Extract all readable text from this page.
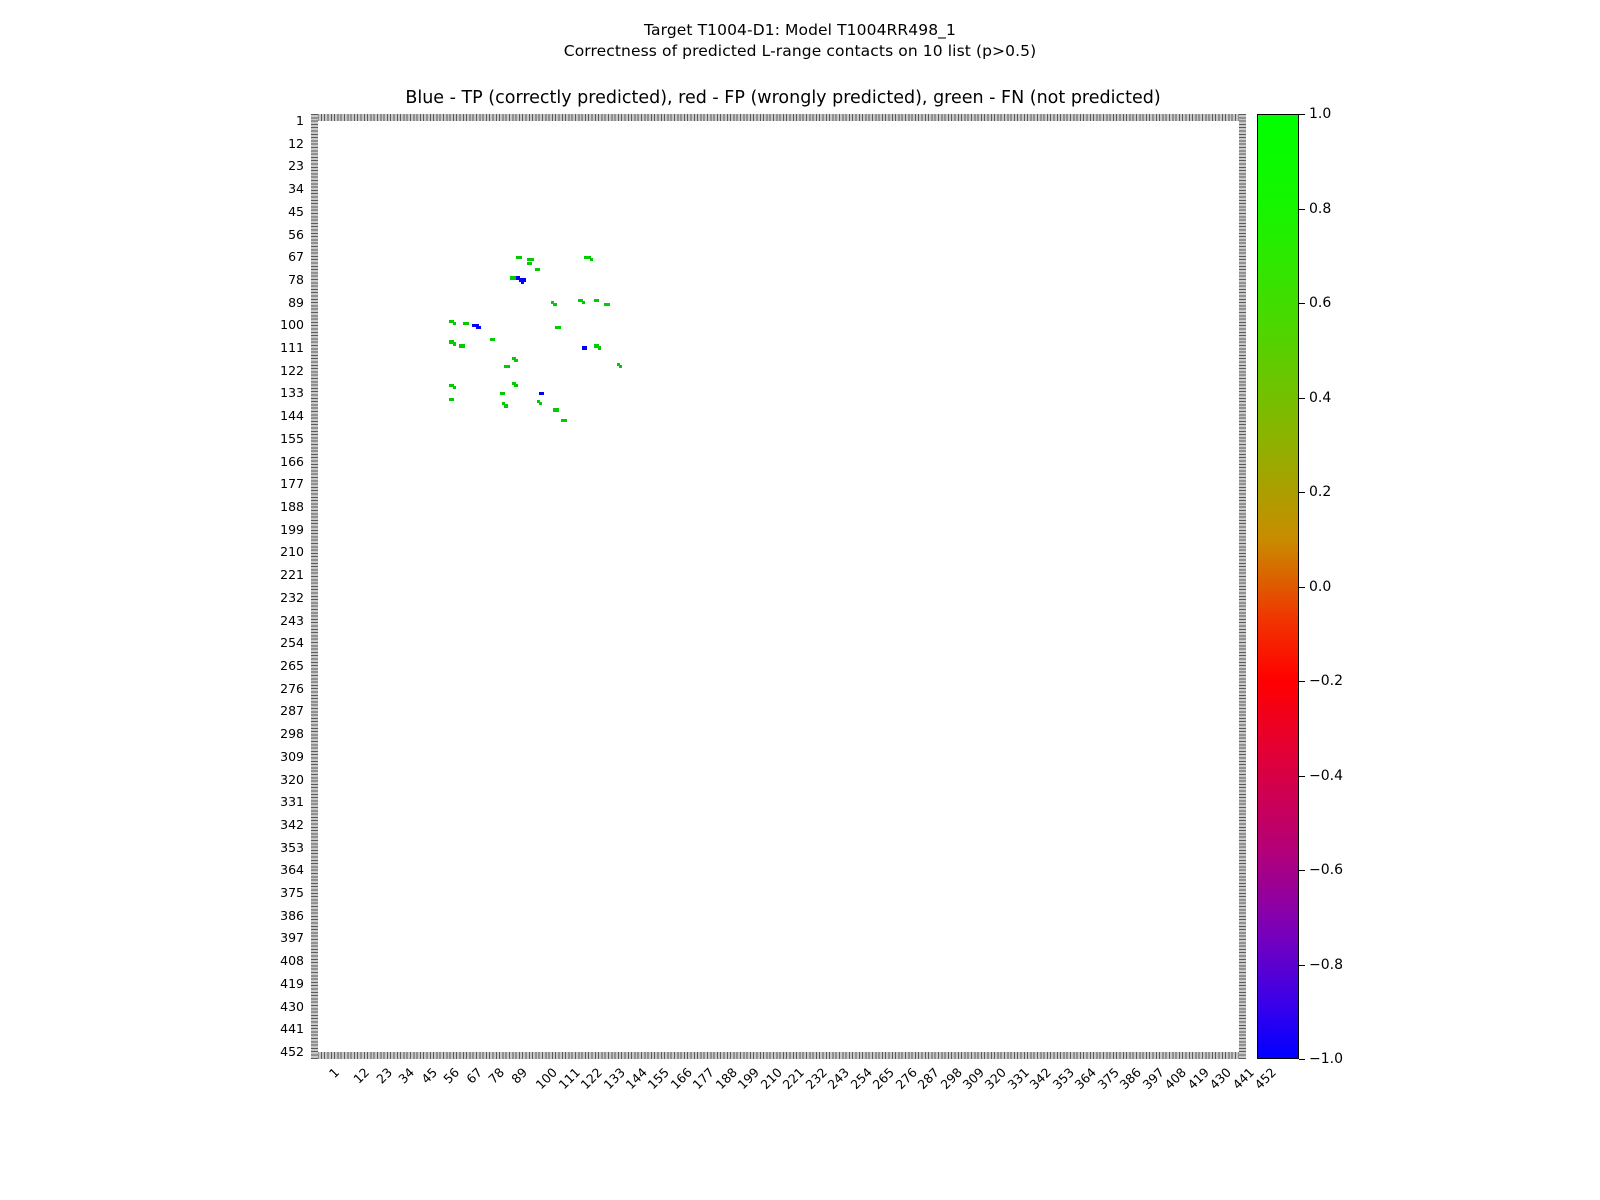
Target T1004-D1: Model T1004RR498_1
Correctness of predicted L-range contacts on 10 list (p>0.5)
Blue - TP (correctly predicted), red - FP (wrongly predicted), green - FN (not predicted)
1
12
23
34
45
56
67
78
89
100
111
122
133
144
155
166
177
188
199
210
221
232
243
254
265
276
287
298
309
320
331
342
353
364
375
386
397
408
419
430
441
452
1 12 23 34 45 56 67 78 89 100
111
122
133
144
155
166
177
188
199
210
221
232
243
254
265
276
287
298
309
320
331
342
353
364
375
386
397
408
419
430
441
452
1.0
0.8
0.6
0.4
0.2
0.0
−0.2
−0.4
−0.6
−0.8
−1.0
